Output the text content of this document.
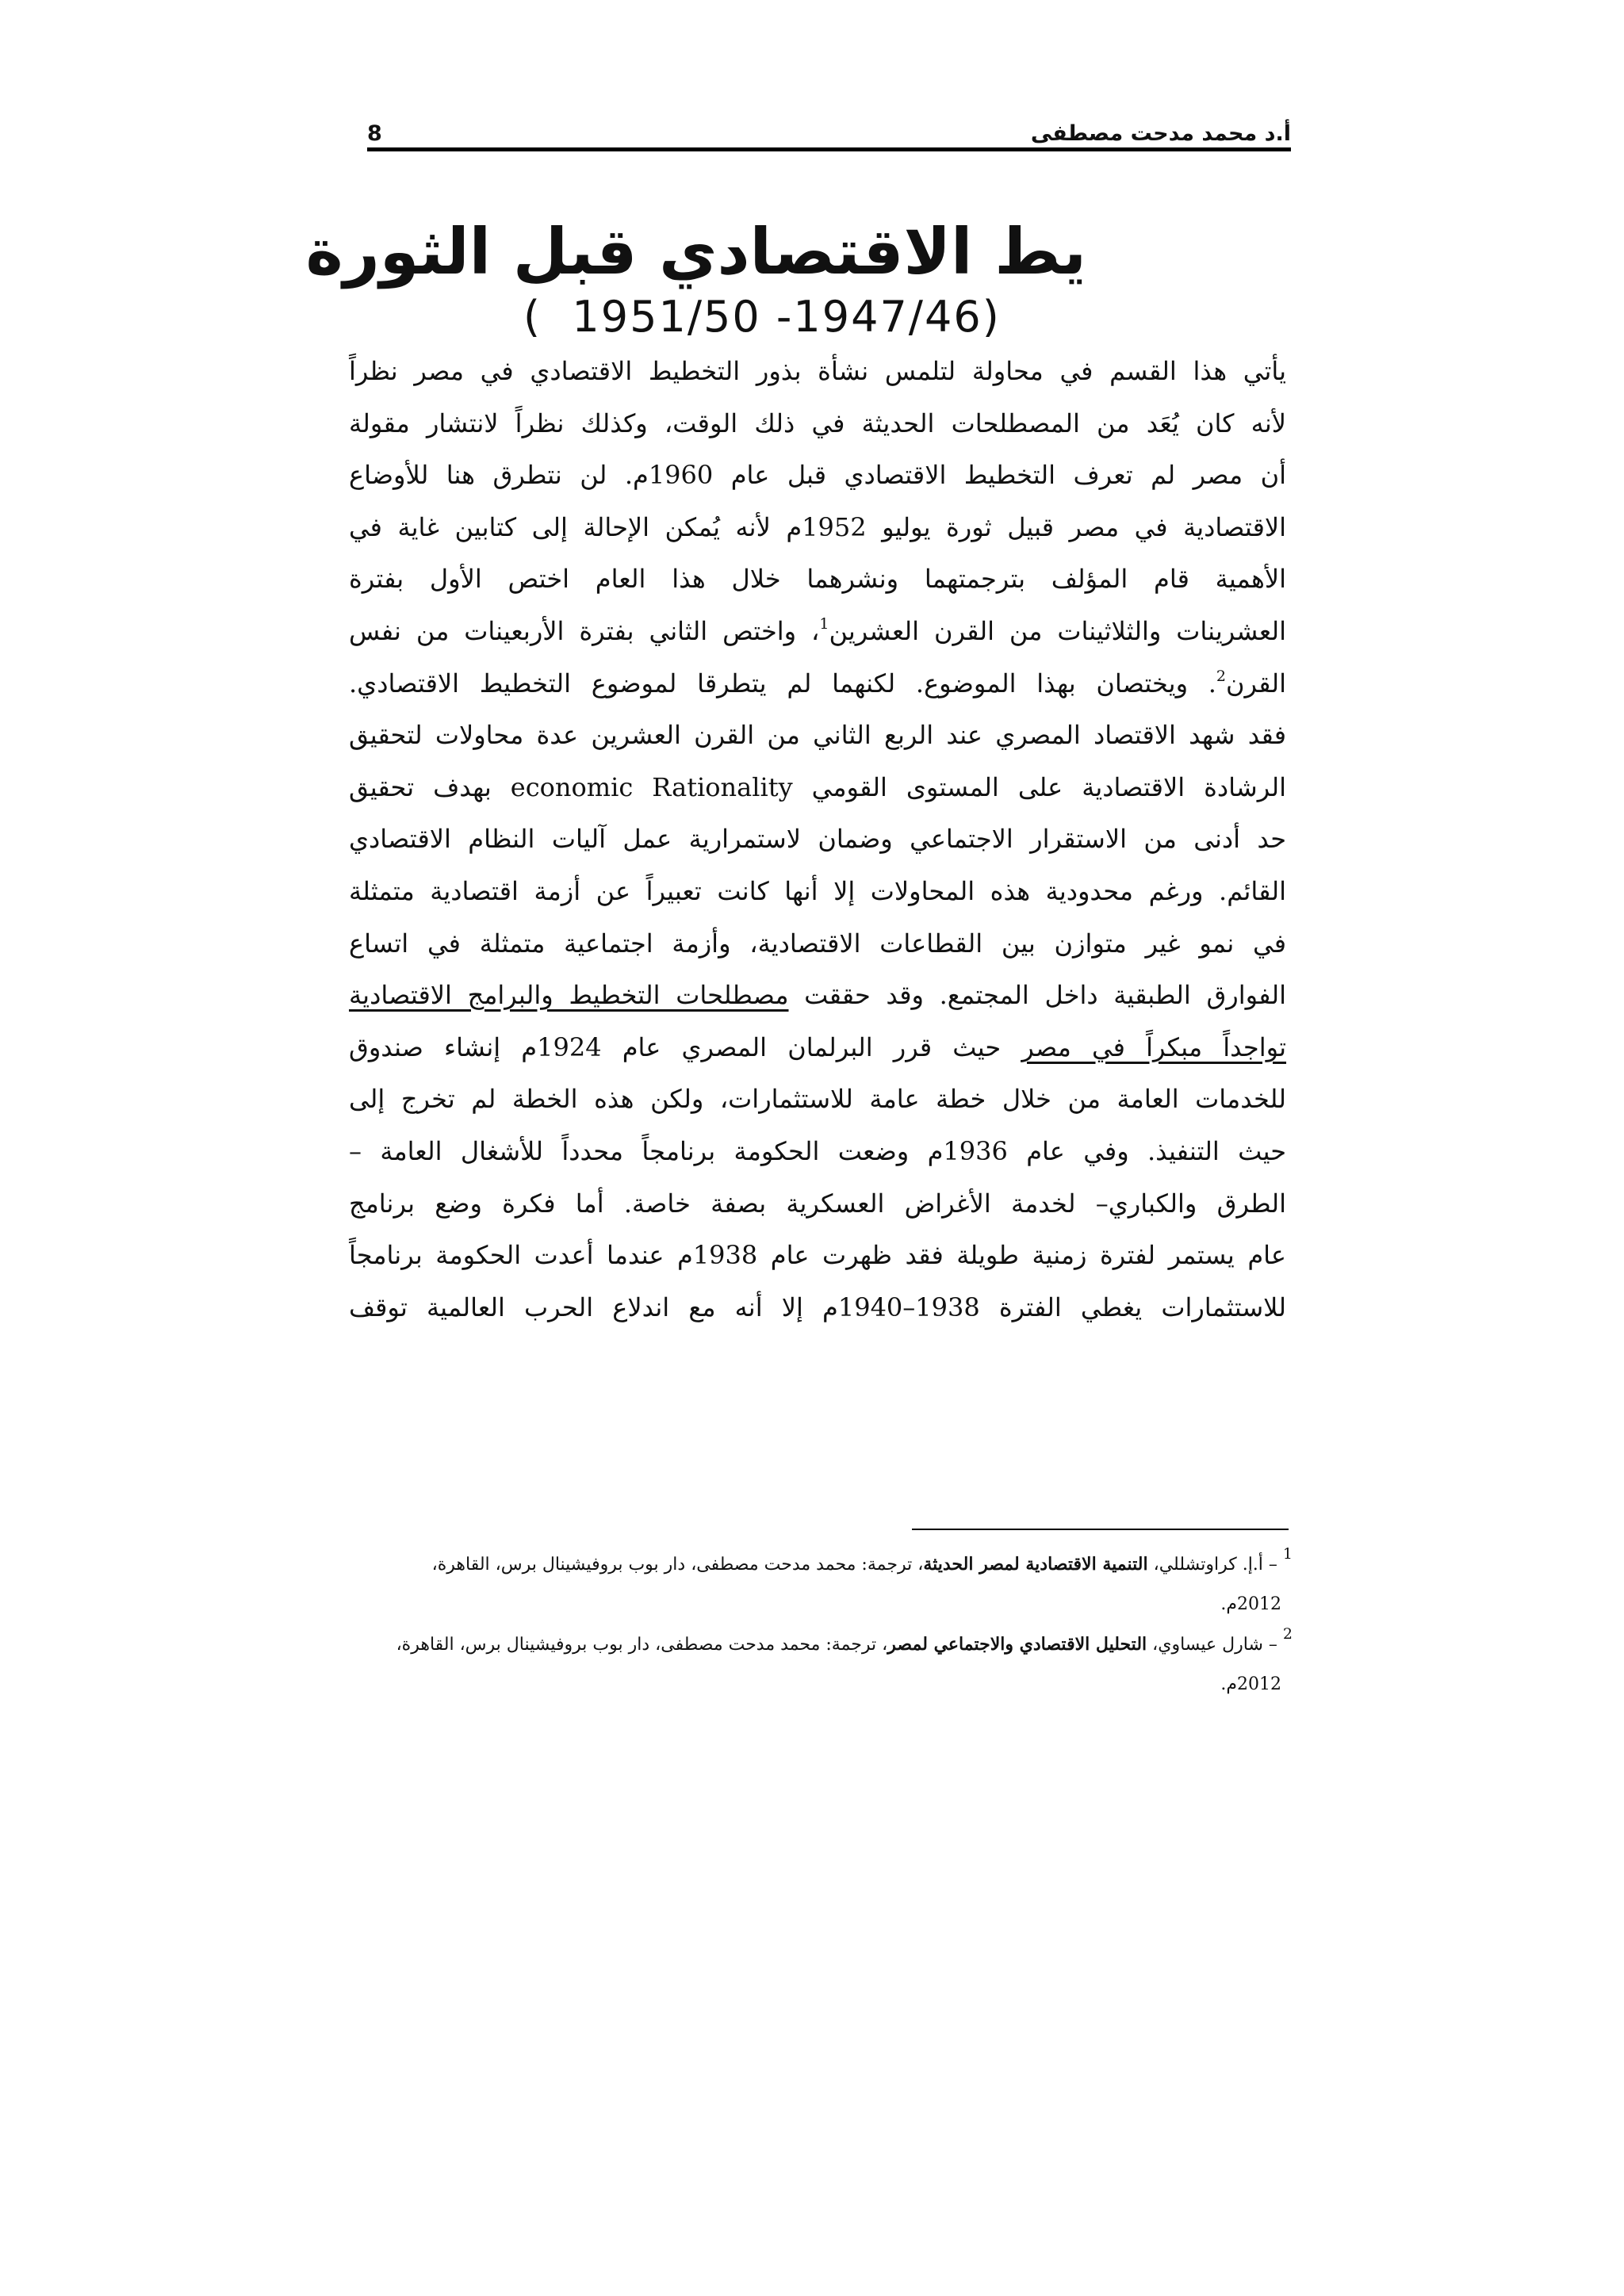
أ.د محمد مدحت مصطفى
8
يط الاقتصادي قبل الثورة
(  1951/50 -1947/46)
يأتي هذا القسم في محاولة لتلمس نشأة بذور التخطيط الاقتصادي في مصر نظراً
لأنه كان يُعَد من المصطلحات الحديثة في ذلك الوقت، وكذلك نظراً لانتشار مقولة
أن مصر لم تعرف التخطيط الاقتصادي قبل عام 1960م. لن نتطرق هنا للأوضاع
الاقتصادية في مصر قبيل ثورة يوليو 1952م لأنه يُمكن الإحالة إلى كتابين غاية في
الأهمية قام المؤلف بترجمتهما ونشرهما خلال هذا العام اختص الأول بفترة
العشرينات والثلاثينات من القرن العشرين$^1$، واختص الثاني بفترة الأربعينات من نفس
القرن$^2$. ويختصان بهذا الموضوع. لكنهما لم يتطرقا لموضوع التخطيط الاقتصادي.
فقد شهد الاقتصاد المصري عند الربع الثاني من القرن العشرين عدة محاولات لتحقيق
الرشادة الاقتصادية على المستوى القومي economic Rationality بهدف تحقيق
حد أدنى من الاستقرار الاجتماعي وضمان لاستمرارية عمل آليات النظام الاقتصادي
القائم. ورغم محدودية هذه المحاولات إلا أنها كانت تعبيراً عن أزمة اقتصادية متمثلة
في نمو غير متوازن بين القطاعات الاقتصادية، وأزمة اجتماعية متمثلة في اتساع
الفوارق الطبقية داخل المجتمع. وقد حققت مصطلحات التخطيط والبرامج الاقتصادية
تواجداً مبكراً في مصر حيث قرر البرلمان المصري عام 1924م إنشاء صندوق
للخدمات العامة من خلال خطة عامة للاستثمارات، ولكن هذه الخطة لم تخرج إلى
حيث التنفيذ. وفي عام 1936م وضعت الحكومة برنامجاً محدداً للأشغال العامة –
الطرق والكباري– لخدمة الأغراض العسكرية بصفة خاصة. أما فكرة وضع برنامج
عام يستمر لفترة زمنية طويلة فقد ظهرت عام 1938م عندما أعدت الحكومة برنامجاً
للاستثمارات يغطي الفترة 1938–1940م إلا أنه مع اندلاع الحرب العالمية توقف
$^1$ – أ.إ. كراوتشللي، التنمية الاقتصادية لمصر الحديثة، ترجمة: محمد مدحت مصطفى، دار بوب بروفيشينال برس، القاهرة،
2012م.
$^2$ – شارل عيساوي، التحليل الاقتصادي والاجتماعي لمصر، ترجمة: محمد مدحت مصطفى، دار بوب بروفيشينال برس، القاهرة،
2012م.
